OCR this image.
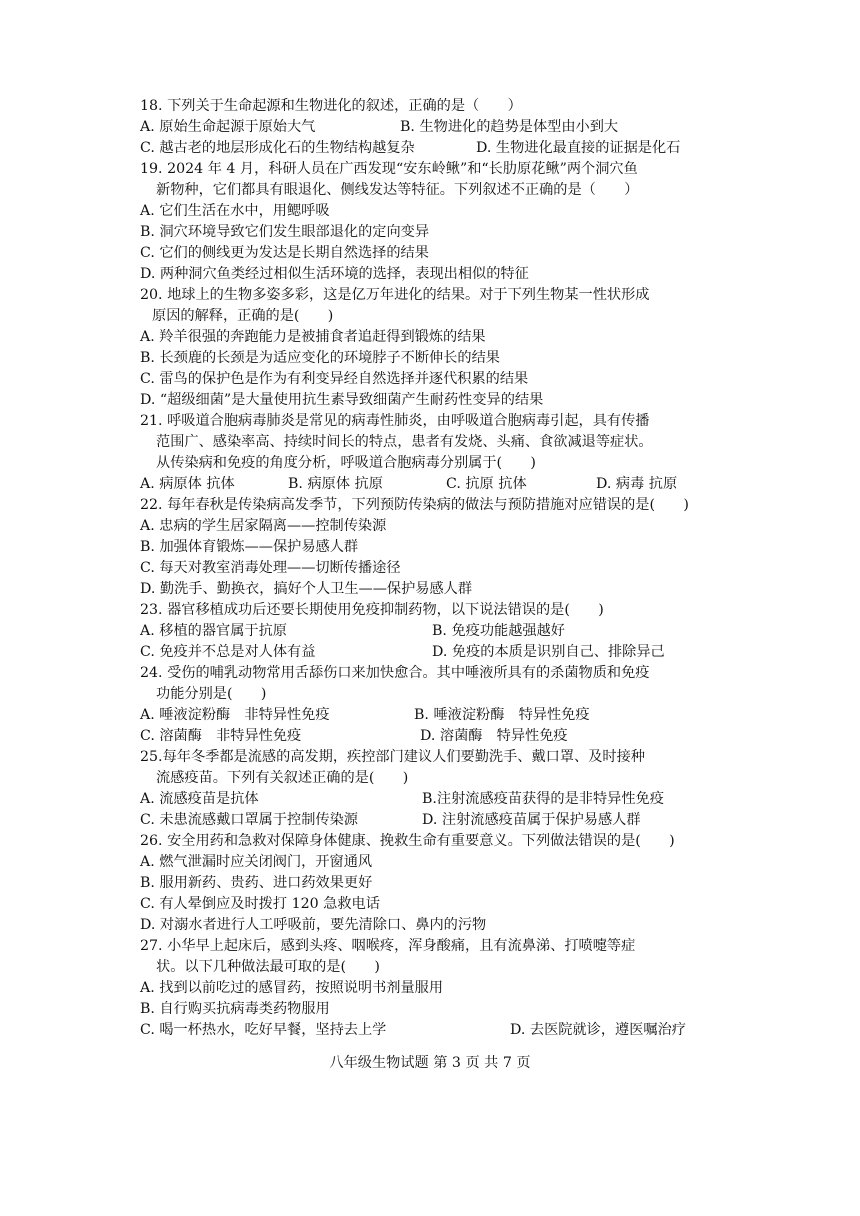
18. 下列关于生命起源和生物进化的叙述，正确的是（　　）
A. 原始生命起源于原始大气	B. 生物进化的趋势是体型由小到大
C. 越古老的地层形成化石的生物结构越复杂	D. 生物进化最直接的证据是化石
19. 2024 年 4 月，科研人员在广西发现“安东岭鳅”和“长肋原花鳅”两个洞穴鱼
新物种，它们都具有眼退化、侧线发达等特征。下列叙述不正确的是（　　）
A. 它们生活在水中，用鳃呼吸
B. 洞穴环境导致它们发生眼部退化的定向变异
C. 它们的侧线更为发达是长期自然选择的结果
D. 两种洞穴鱼类经过相似生活环境的选择，表现出相似的特征
20. 地球上的生物多姿多彩，这是亿万年进化的结果。对于下列生物某一性状形成
原因的解释，正确的是(　　)
A. 羚羊很强的奔跑能力是被捕食者追赶得到锻炼的结果
B. 长颈鹿的长颈是为适应变化的环境脖子不断伸长的结果
C. 雷鸟的保护色是作为有利变异经自然选择并逐代积累的结果
D. “超级细菌”是大量使用抗生素导致细菌产生耐药性变异的结果
21. 呼吸道合胞病毒肺炎是常见的病毒性肺炎，由呼吸道合胞病毒引起，具有传播
范围广、感染率高、持续时间长的特点，患者有发烧、头痛、食欲减退等症状。
从传染病和免疫的角度分析，呼吸道合胞病毒分别属于(　　)
A. 病原体 抗体	B. 病原体 抗原	C. 抗原 抗体	D. 病毒 抗原
22. 每年春秋是传染病高发季节，下列预防传染病的做法与预防措施对应错误的是(　　)
A. 忠病的学生居家隔离——控制传染源
B. 加强体育锻炼——保护易感人群
C. 每天对教室消毒处理——切断传播途径
D. 勤洗手、勤换衣，搞好个人卫生——保护易感人群
23. 器官移植成功后还要长期使用免疫抑制药物，以下说法错误的是(　　)
A. 移植的器官属于抗原	B. 免疫功能越强越好
C. 免疫并不总是对人体有益	D. 免疫的本质是识别自己、排除异己
24. 受伤的哺乳动物常用舌舔伤口来加快愈合。其中唾液所具有的杀菌物质和免疫
功能分别是(　　)
A. 唾液淀粉酶　非特异性免疫	B. 唾液淀粉酶　特异性免疫
C. 溶菌酶　非特异性免疫	D. 溶菌酶　特异性免疫
25.每年冬季都是流感的高发期，疾控部门建议人们要勤洗手、戴口罩、及时接种
流感疫苗。下列有关叙述正确的是(　　)
A. 流感疫苗是抗体	B.注射流感疫苗获得的是非特异性免疫
C. 未患流感戴口罩属于控制传染源	D. 注射流感疫苗属于保护易感人群
26. 安全用药和急救对保障身体健康、挽救生命有重要意义。下列做法错误的是(　　)
A. 燃气泄漏时应关闭阀门，开窗通风
B. 服用新药、贵药、进口药效果更好
C. 有人晕倒应及时拨打 120 急救电话
D. 对溺水者进行人工呼吸前，要先清除口、鼻内的污物
27. 小华早上起床后，感到头疼、咽喉疼，浑身酸痛，且有流鼻涕、打喷嚏等症
状。以下几种做法最可取的是(　　)
A. 找到以前吃过的感冒药，按照说明书剂量服用
B. 自行购买抗病毒类药物服用
C. 喝一杯热水，吃好早餐，坚持去上学	D. 去医院就诊，遵医嘱治疗
八年级生物试题 第 3 页 共 7 页
